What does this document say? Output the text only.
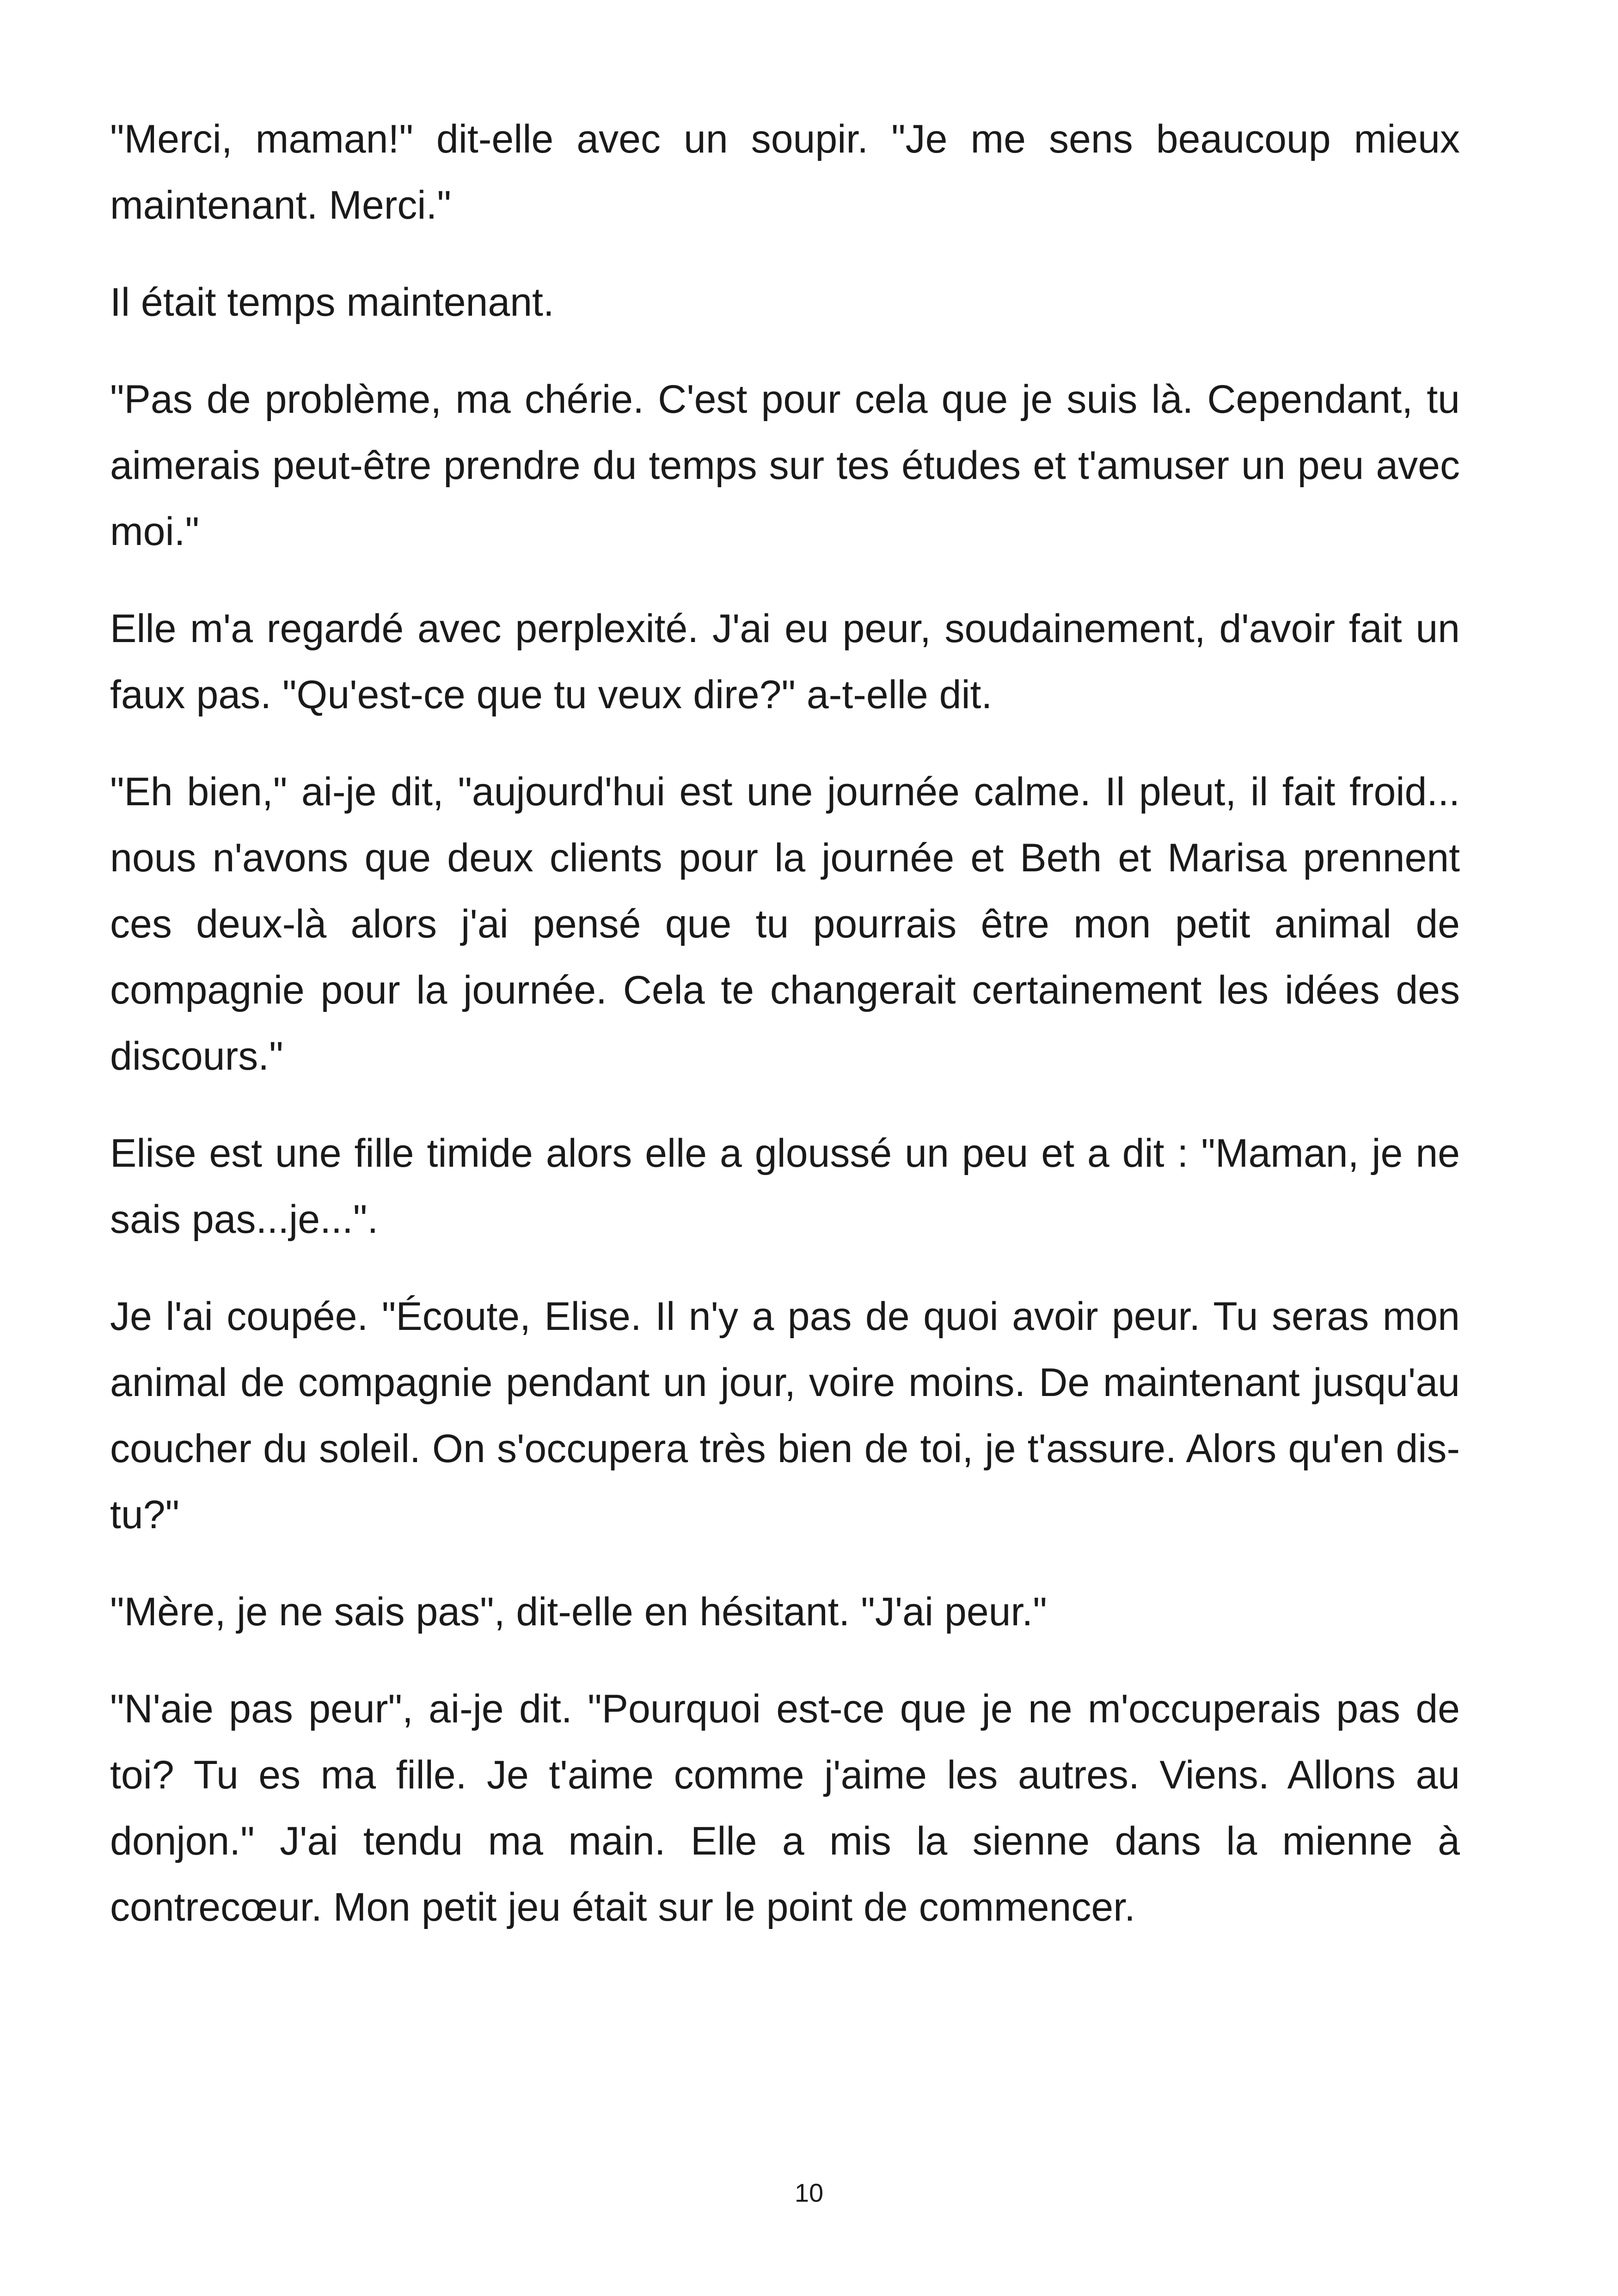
"Merci, maman!" dit-elle avec un soupir. "Je me sens beaucoup mieux maintenant. Merci."

Il était temps maintenant.

"Pas de problème, ma chérie. C'est pour cela que je suis là. Cependant, tu aimerais peut-être prendre du temps sur tes études et t'amuser un peu avec moi."

Elle m'a regardé avec perplexité. J'ai eu peur, soudainement, d'avoir fait un faux pas. "Qu'est-ce que tu veux dire?" a-t-elle dit.

"Eh bien," ai-je dit, "aujourd'hui est une journée calme. Il pleut, il fait froid... nous n'avons que deux clients pour la journée et Beth et Marisa prennent ces deux-là alors j'ai pensé que tu pourrais être mon petit animal de compagnie pour la journée. Cela te changerait certainement les idées des discours."

Elise est une fille timide alors elle a gloussé un peu et a dit : "Maman, je ne sais pas...je...".

Je l'ai coupée. "Écoute, Elise. Il n'y a pas de quoi avoir peur. Tu seras mon animal de compagnie pendant un jour, voire moins. De maintenant jusqu'au coucher du soleil. On s'occupera très bien de toi, je t'assure. Alors qu'en dis-tu?"

"Mère, je ne sais pas", dit-elle en hésitant. "J'ai peur."

"N'aie pas peur", ai-je dit. "Pourquoi est-ce que je ne m'occuperais pas de toi? Tu es ma fille. Je t'aime comme j'aime les autres. Viens. Allons au donjon." J'ai tendu ma main. Elle a mis la sienne dans la mienne à contrecœur. Mon petit jeu était sur le point de commencer.

10
